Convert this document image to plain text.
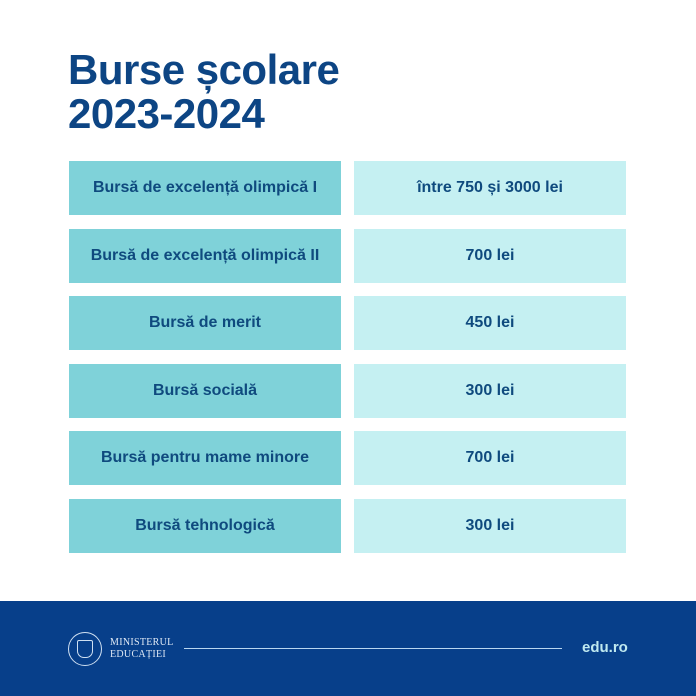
Burse școlare
2023-2024
Bursă de excelență olimpică I	între 750 și 3000 lei
Bursă de excelență olimpică II	700 lei
Bursă de merit	450 lei
Bursă socială	300 lei
Bursă pentru mame minore	700 lei
Bursă tehnologică	300 lei
MINISTERUL
EDUCAȚIEI	edu.ro
